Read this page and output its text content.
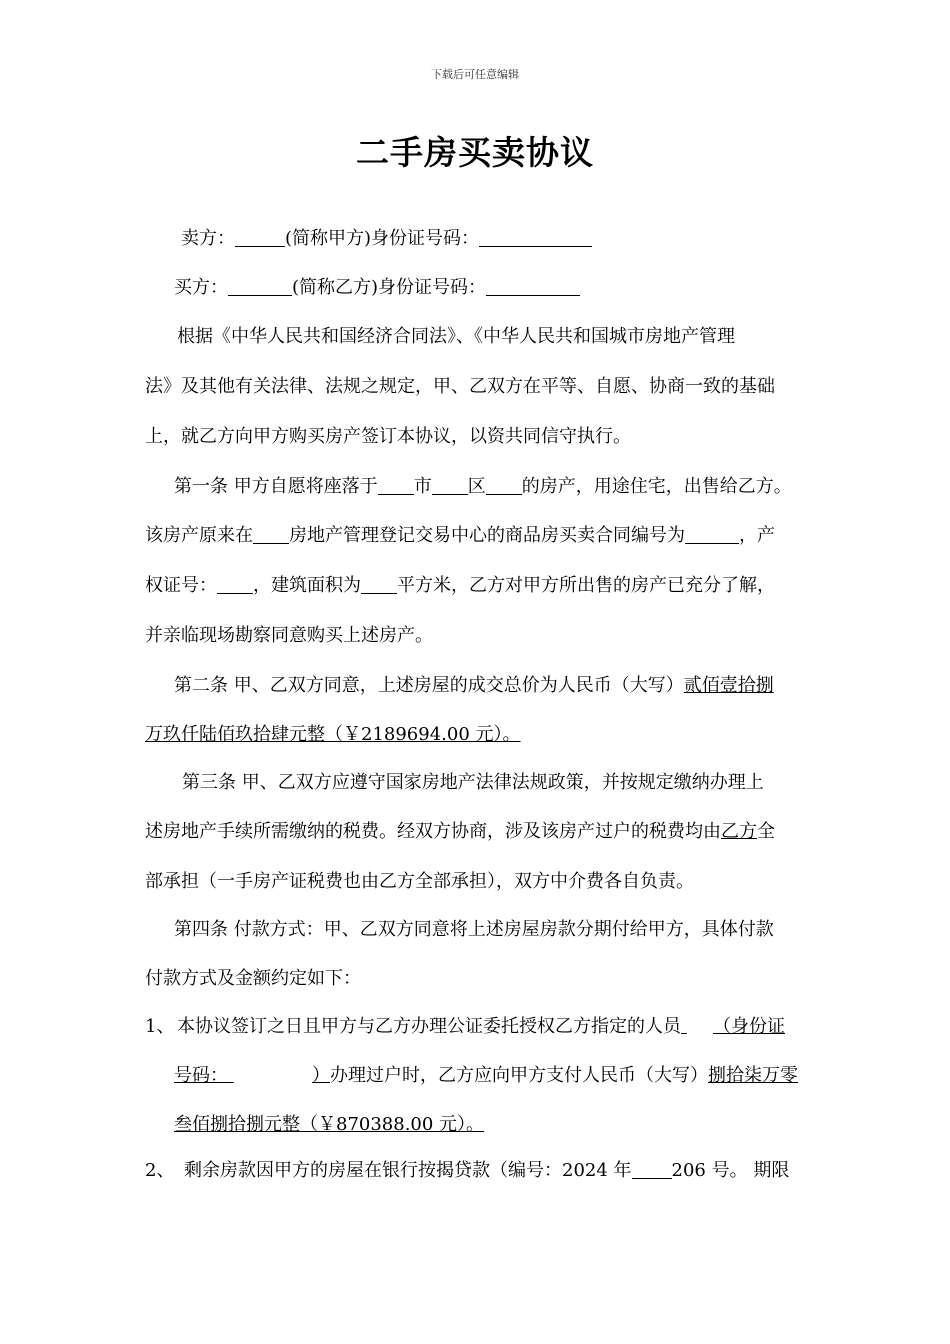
下载后可任意编辑
二手房买卖协议
卖方：	(简称甲方)身份证号码：
买方：	(简称乙方)身份证号码：
根据《中华人民共和国经济合同法》、《中华人民共和国城市房地产管理
法》及其他有关法律、法规之规定，甲、乙双方在平等、自愿、协商一致的基础
上，就乙方向甲方购买房产签订本协议，以资共同信守执行。
第一条 甲方自愿将座落于 市 区 的房产，用途住宅，出售给乙方。
该房产原来在 房地产管理登记交易中心的商品房买卖合同编号为	，产
权证号： ，建筑面积为 平方米，乙方对甲方所出售的房产已充分了解，
并亲临现场勘察同意购买上述房产。
第二条 甲、乙双方同意，上述房屋的成交总价为人民币（大写）贰佰壹拾捌
万玖仟陆佰玖拾肆元整（￥2189694.00 元）。
第三条 甲、乙双方应遵守国家房地产法律法规政策，并按规定缴纳办理上
述房地产手续所需缴纳的税费。经双方协商，涉及该房产过户的税费均由乙方全
部承担（一手房产证税费也由乙方全部承担），双方中介费各自负责。
第四条 付款方式：甲、乙双方同意将上述房屋房款分期付给甲方，具体付款
付款方式及金额约定如下：
1、 本协议签订之日且甲方与乙方办理公证委托授权乙方指定的人员 （身份证
号码：	）办理过户时，乙方应向甲方支付人民币（大写）捌拾柒万零
叁佰捌拾捌元整（￥870388.00 元）。
2、 剩余房款因甲方的房屋在银行按揭贷款（编号：2024 年 206 号。 期限
